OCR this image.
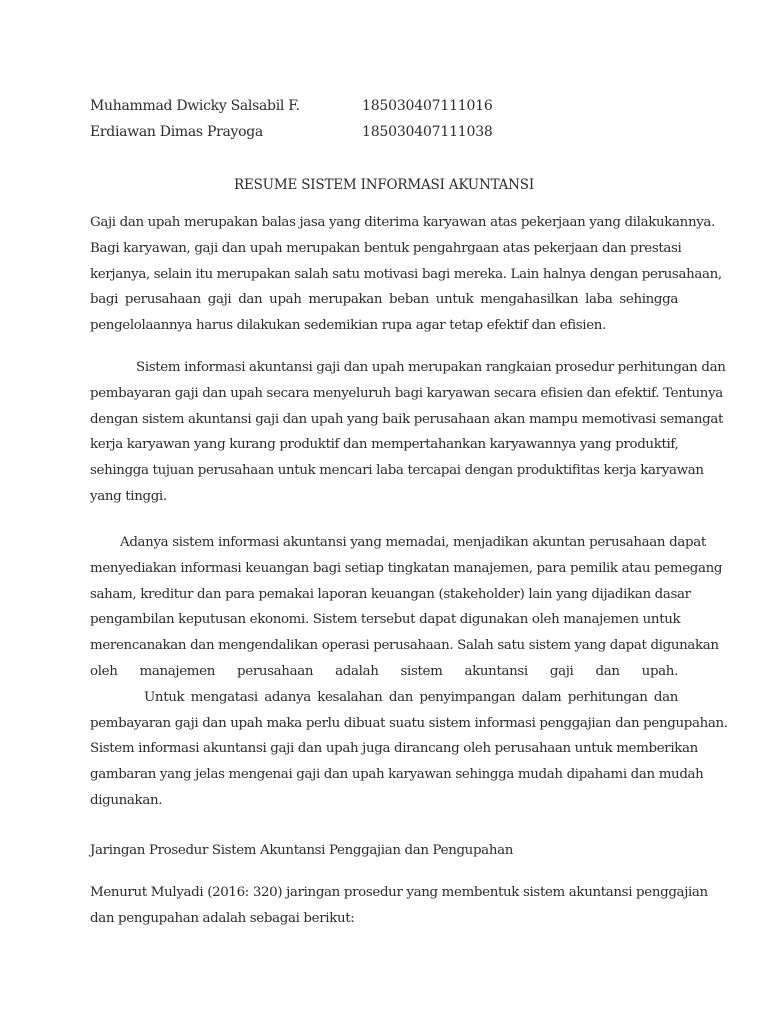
Muhammad Dwicky Salsabil F.	185030407111016
Erdiawan Dimas Prayoga	185030407111038
RESUME SISTEM INFORMASI AKUNTANSI
Gaji dan upah merupakan balas jasa yang diterima karyawan atas pekerjaan yang dilakukannya.
Bagi karyawan, gaji dan upah merupakan bentuk pengahrgaan atas pekerjaan dan prestasi
kerjanya, selain itu merupakan salah satu motivasi bagi mereka. Lain halnya dengan perusahaan,
bagi perusahaan gaji dan upah merupakan beban untuk mengahasilkan laba sehingga
pengelolaannya harus dilakukan sedemikian rupa agar tetap efektif dan efisien.
Sistem informasi akuntansi gaji dan upah merupakan rangkaian prosedur perhitungan dan
pembayaran gaji dan upah secara menyeluruh bagi karyawan secara efisien dan efektif. Tentunya
dengan sistem akuntansi gaji dan upah yang baik perusahaan akan mampu memotivasi semangat
kerja karyawan yang kurang produktif dan mempertahankan karyawannya yang produktif,
sehingga tujuan perusahaan untuk mencari laba tercapai dengan produktifitas kerja karyawan
yang tinggi.
Adanya sistem informasi akuntansi yang memadai, menjadikan akuntan perusahaan dapat
menyediakan informasi keuangan bagi setiap tingkatan manajemen, para pemilik atau pemegang
saham, kreditur dan para pemakai laporan keuangan (stakeholder) lain yang dijadikan dasar
pengambilan keputusan ekonomi. Sistem tersebut dapat digunakan oleh manajemen untuk
merencanakan dan mengendalikan operasi perusahaan. Salah satu sistem yang dapat digunakan
oleh manajemen perusahaan adalah sistem akuntansi gaji dan upah.
Untuk mengatasi adanya kesalahan dan penyimpangan dalam perhitungan dan
pembayaran gaji dan upah maka perlu dibuat suatu sistem informasi penggajian dan pengupahan.
Sistem informasi akuntansi gaji dan upah juga dirancang oleh perusahaan untuk memberikan
gambaran yang jelas mengenai gaji dan upah karyawan sehingga mudah dipahami dan mudah
digunakan.
Jaringan Prosedur Sistem Akuntansi Penggajian dan Pengupahan
Menurut Mulyadi (2016: 320) jaringan prosedur yang membentuk sistem akuntansi penggajian
dan pengupahan adalah sebagai berikut:
